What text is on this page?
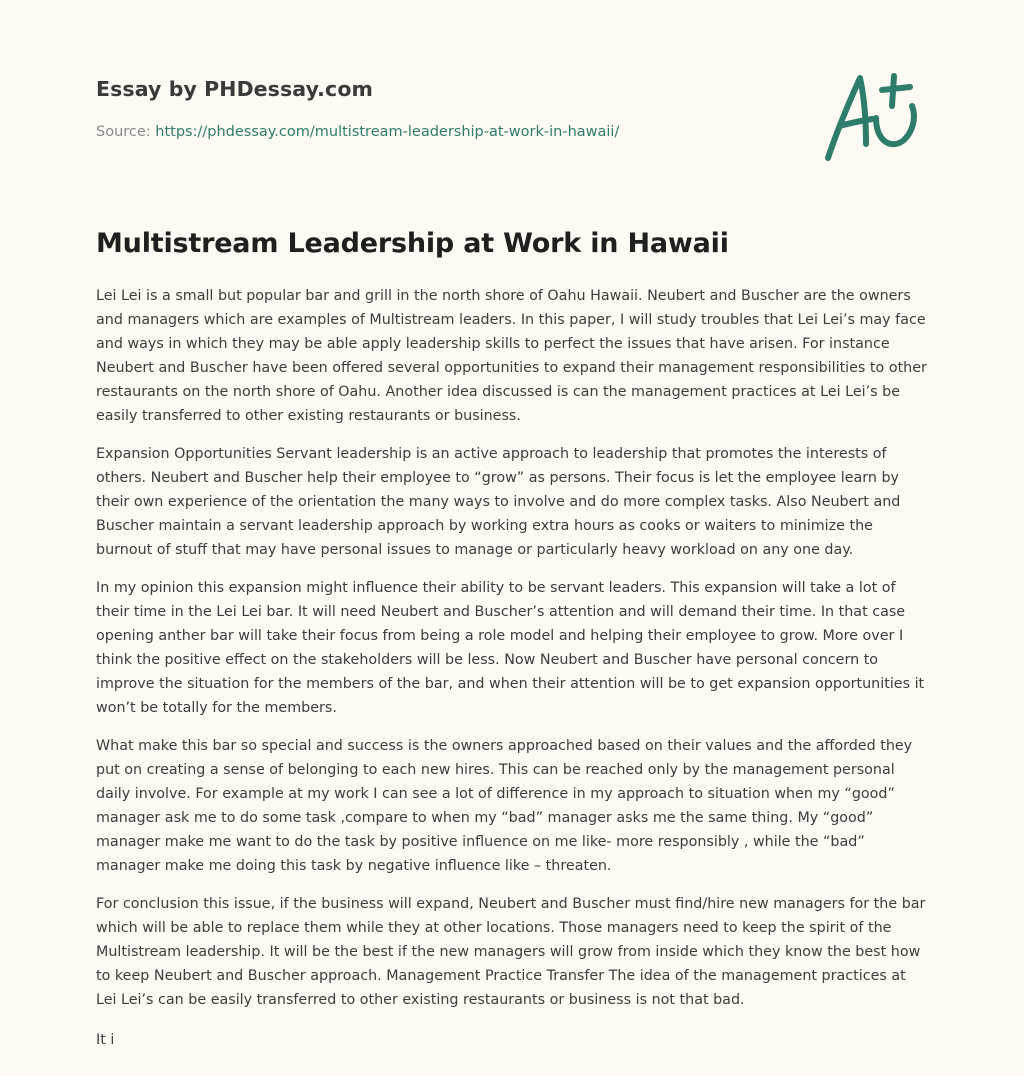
Essay by PHDessay.com
Source: https://phdessay.com/multistream-leadership-at-work-in-hawaii/
Multistream Leadership at Work in Hawaii

Lei Lei is a small but popular bar and grill in the north shore of Oahu Hawaii. Neubert and Buscher are the owners and managers which are examples of Multistream leaders. In this paper, I will study troubles that Lei Lei’s may face and ways in which they may be able apply leadership skills to perfect the issues that have arisen. For instance Neubert and Buscher have been offered several opportunities to expand their management responsibilities to other restaurants on the north shore of Oahu. Another idea discussed is can the management practices at Lei Lei’s be easily transferred to other existing restaurants or business.

Expansion Opportunities Servant leadership is an active approach to leadership that promotes the interests of others. Neubert and Buscher help their employee to “grow” as persons. Their focus is let the employee learn by their own experience of the orientation the many ways to involve and do more complex tasks. Also Neubert and Buscher maintain a servant leadership approach by working extra hours as cooks or waiters to minimize the burnout of stuff that may have personal issues to manage or particularly heavy workload on any one day.

In my opinion this expansion might influence their ability to be servant leaders. This expansion will take a lot of their time in the Lei Lei bar. It will need Neubert and Buscher’s attention and will demand their time. In that case opening anther bar will take their focus from being a role model and helping their employee to grow. More over I think the positive effect on the stakeholders will be less. Now Neubert and Buscher have personal concern to improve the situation for the members of the bar, and when their attention will be to get expansion opportunities it won’t be totally for the members.

What make this bar so special and success is the owners approached based on their values and the afforded they put on creating a sense of belonging to each new hires. This can be reached only by the management personal daily involve. For example at my work I can see a lot of difference in my approach to situation when my “good” manager ask me to do some task ,compare to when my “bad” manager asks me the same thing. My “good” manager make me want to do the task by positive influence on me like- more responsibly , while the “bad” manager make me doing this task by negative influence like – threaten.

For conclusion this issue, if the business will expand, Neubert and Buscher must find/hire new managers for the bar which will be able to replace them while they at other locations. Those managers need to keep the spirit of the Multistream leadership. It will be the best if the new managers will grow from inside which they know the best how to keep Neubert and Buscher approach. Management Practice Transfer The idea of the management practices at Lei Lei’s can be easily transferred to other existing restaurants or business is not that bad.

It i
